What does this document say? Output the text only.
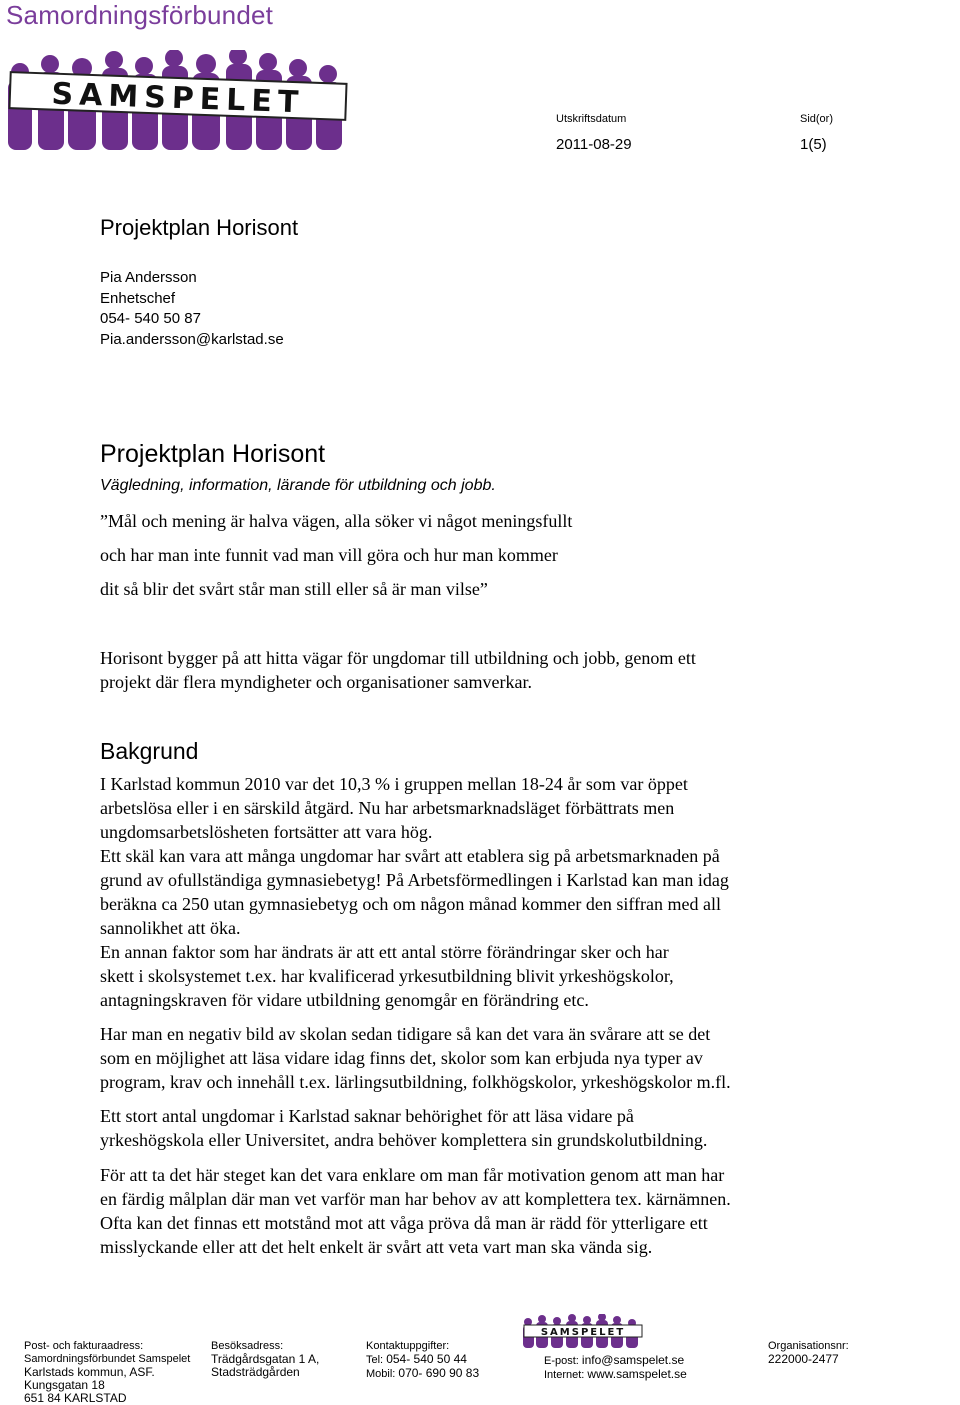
Samordningsförbundet
SAMSPELET	Utskriftsdatum	Sid(or)
2011-08-29	1(5)
Projektplan Horisont
Pia Andersson
Enhetschef
054- 540 50 87
Pia.andersson@karlstad.se
Projektplan Horisont
Vägledning, information, lärande för utbildning och jobb.

”Mål och mening är halva vägen, alla söker vi något meningsfullt

och har man inte funnit vad man vill göra och hur man kommer

dit så blir det svårt står man still eller så är man vilse”

Horisont bygger på att hitta vägar för ungdomar till utbildning och jobb, genom ett

projekt där flera myndigheter och organisationer samverkar.

Bakgrund

I Karlstad kommun 2010 var det 10,3 % i gruppen mellan 18-24 år som var öppet

arbetslösa eller i en särskild åtgärd. Nu har arbetsmarknadsläget förbättrats men

ungdomsarbetslösheten fortsätter att vara hög.

Ett skäl kan vara att många ungdomar har svårt att etablera sig på arbetsmarknaden på

grund av ofullständiga gymnasiebetyg! På Arbetsförmedlingen i Karlstad kan man idag

beräkna ca 250 utan gymnasiebetyg och om någon månad kommer den siffran med all

sannolikhet att öka.

En annan faktor som har ändrats är att ett antal större förändringar sker och har

skett i skolsystemet t.ex. har kvalificerad yrkesutbildning blivit yrkeshögskolor,

antagningskraven för vidare utbildning genomgår en förändring etc.

Har man en negativ bild av skolan sedan tidigare så kan det vara än svårare att se det

som en möjlighet att läsa vidare idag finns det, skolor som kan erbjuda nya typer av

program, krav och innehåll t.ex. lärlingsutbildning, folkhögskolor, yrkeshögskolor m.fl.

Ett stort antal ungdomar i Karlstad saknar behörighet för att läsa vidare på

yrkeshögskola eller Universitet, andra behöver komplettera sin grundskolutbildning.

För att ta det här steget kan det vara enklare om man får motivation genom att man har

en färdig målplan där man vet varför man har behov av att komplettera tex. kärnämnen.

Ofta kan det finnas ett motstånd mot att våga pröva då man är rädd för ytterligare ett

misslyckande eller att det helt enkelt är svårt att veta vart man ska vända sig.

Post- och fakturaadress:
Samordningsförbundet Samspelet
Karlstads kommun, ASF.
Kungsgatan 18
651 84 KARLSTAD
Besöksadress:
Trädgårdsgatan 1 A,
Stadsträdgården
Kontaktuppgifter:
Tel: 054- 540 50 44
Mobil: 070- 690 90 83
SAMSPELET
E-post: info@samspelet.se
Internet: www.samspelet.se
Organisationsnr:
222000-2477
